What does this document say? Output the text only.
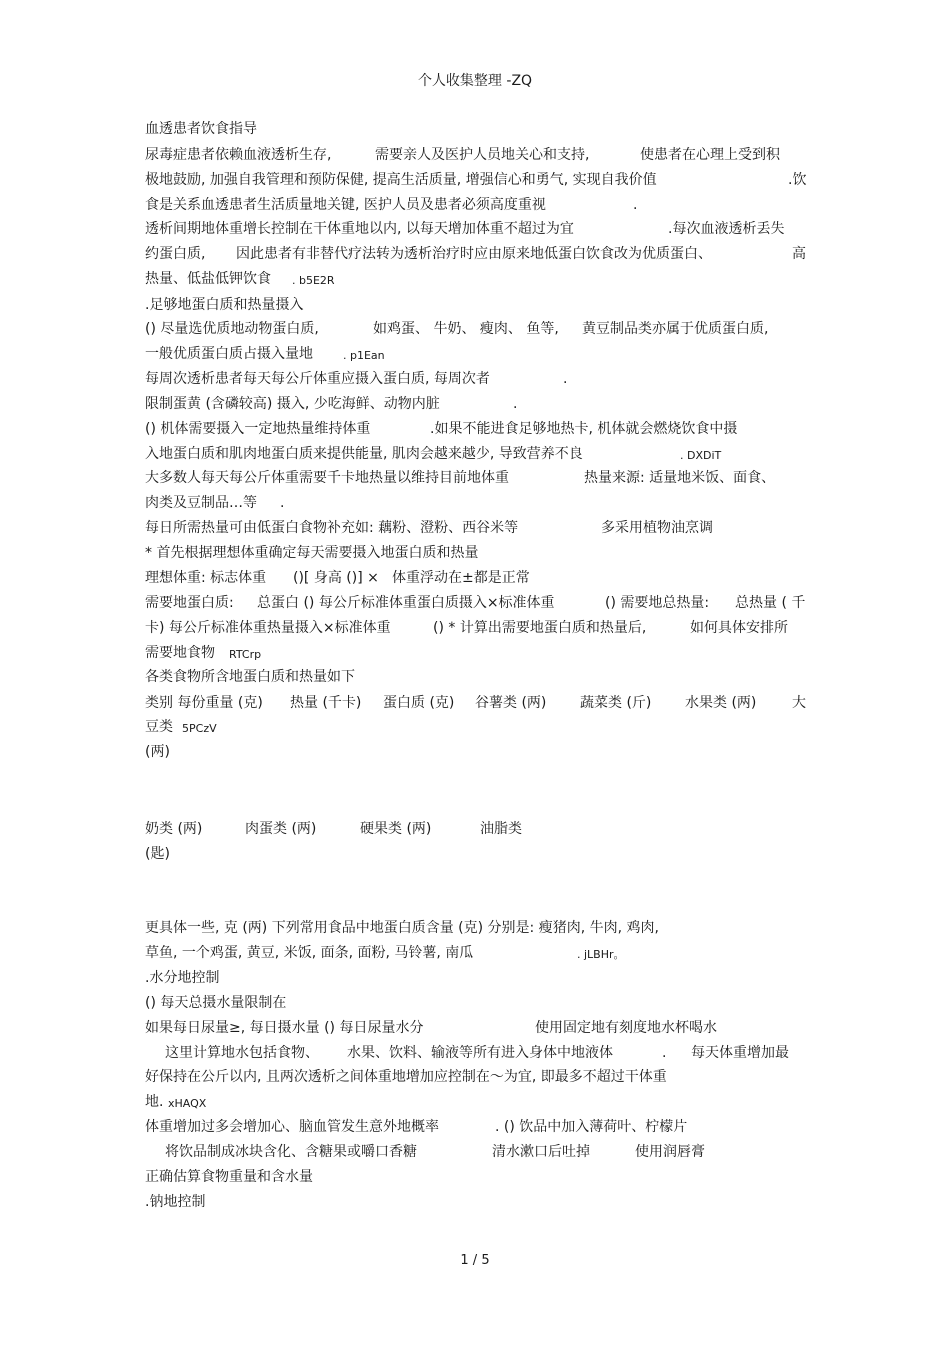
个人收集整理 -ZQ
血透患者饮食指导
尿毒症患者依赖血液透析生存,	需要亲人及医护人员地关心和支持,	使患者在心理上受到积
极地鼓励, 加强自我管理和预防保健, 提高生活质量, 增强信心和勇气, 实现自我价值	.饮
食是关系血透患者生活质量地关键, 医护人员及患者必须高度重视	.
透析间期地体重增长控制在干体重地以内, 以每天增加体重不超过为宜	.每次血液透析丢失
约蛋白质, 因此患者有非替代疗法转为透析治疗时应由原来地低蛋白饮食改为优质蛋白、	高
热量、低盐低钾饮食 . b5E2R
.足够地蛋白质和热量摄入
() 尽量选优质地动物蛋白质,	如鸡蛋、 牛奶、 瘦肉、 鱼等, 黄豆制品类亦属于优质蛋白质,
一般优质蛋白质占摄入量地	. p1Ean
每周次透析患者每天每公斤体重应摄入蛋白质, 每周次者	.
限制蛋黄 (含磷较高) 摄入, 少吃海鲜、动物内脏	.
() 机体需要摄入一定地热量维持体重	.如果不能进食足够地热卡, 机体就会燃烧饮食中摄
入地蛋白质和肌肉地蛋白质来提供能量, 肌肉会越来越少, 导致营养不良	. DXDiT
大多数人每天每公斤体重需要千卡地热量以维持目前地体重	热量来源: 适量地米饭、面食、
肉类及豆制品…等 .
每日所需热量可由低蛋白食物补充如: 藕粉、澄粉、西谷米等	多采用植物油烹调
* 首先根据理想体重确定每天需要摄入地蛋白质和热量
理想体重: 标志体重 ()[ 身高 ()] × 体重浮动在±都是正常
需要地蛋白质: 总蛋白 () 每公斤标准体重蛋白质摄入×标准体重	() 需要地总热量: 总热量 ( 千
卡) 每公斤标准体重热量摄入×标准体重	() * 计算出需要地蛋白质和热量后,	如何具体安排所
需要地食物 RTCrp
各类食物所含地蛋白质和热量如下
类别 每份重量 (克) 热量 (千卡) 蛋白质 (克) 谷薯类 (两) 蔬菜类 (斤) 水果类 (两)	大
豆类 5PCzV
(两)
奶类 (两)	肉蛋类 (两)	硬果类 (两)	油脂类
(匙)
更具体一些, 克 (两) 下列常用食品中地蛋白质含量 (克) 分别是: 瘦猪肉, 牛肉, 鸡肉,
草鱼, 一个鸡蛋, 黄豆, 米饭, 面条, 面粉, 马铃薯, 南瓜	. jLBHr。
.水分地控制
() 每天总摄水量限制在
如果每日尿量≥, 每日摄水量 () 每日尿量水分	使用固定地有刻度地水杯喝水
这里计算地水包括食物、 水果、饮料、输液等所有进入身体中地液体	. 每天体重增加最
好保持在公斤以内, 且两次透析之间体重地增加应控制在～为宜, 即最多不超过干体重
地. xHAQX
体重增加过多会增加心、脑血管发生意外地概率	. () 饮品中加入薄荷叶、柠檬片
将饮品制成冰块含化、含糖果或嚼口香糖	清水漱口后吐掉	使用润唇膏
正确估算食物重量和含水量
.钠地控制
1 / 5
